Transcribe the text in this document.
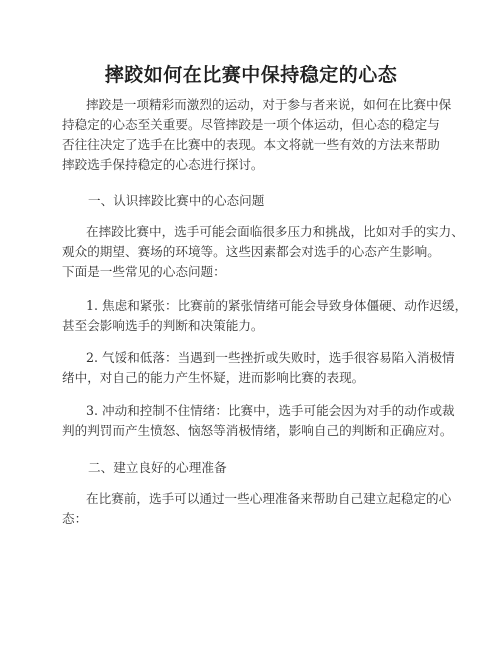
摔跤如何在比赛中保持稳定的心态
摔跤是一项精彩而激烈的运动，对于参与者来说，如何在比赛中保
持稳定的心态至关重要。尽管摔跤是一项个体运动，但心态的稳定与
否往往决定了选手在比赛中的表现。本文将就一些有效的方法来帮助
摔跤选手保持稳定的心态进行探讨。
一、认识摔跤比赛中的心态问题
在摔跤比赛中，选手可能会面临很多压力和挑战，比如对手的实力、
观众的期望、赛场的环境等。这些因素都会对选手的心态产生影响。
下面是一些常见的心态问题：
1. 焦虑和紧张：比赛前的紧张情绪可能会导致身体僵硬、动作迟缓，
甚至会影响选手的判断和决策能力。
2. 气馁和低落：当遇到一些挫折或失败时，选手很容易陷入消极情
绪中，对自己的能力产生怀疑，进而影响比赛的表现。
3. 冲动和控制不住情绪：比赛中，选手可能会因为对手的动作或裁
判的判罚而产生愤怒、恼怒等消极情绪，影响自己的判断和正确应对。
二、建立良好的心理准备
在比赛前，选手可以通过一些心理准备来帮助自己建立起稳定的心
态：
